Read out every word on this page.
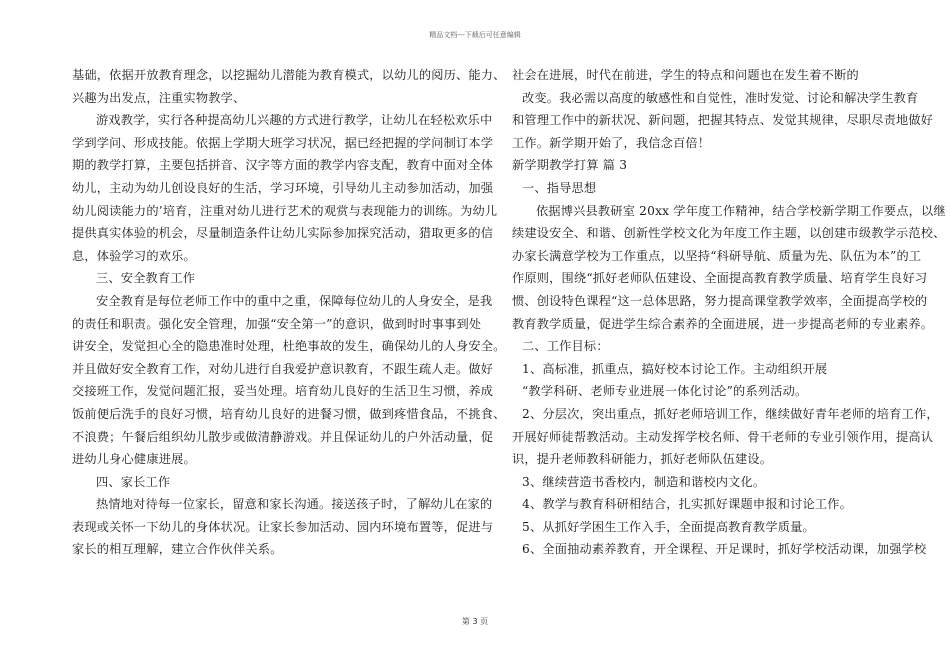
精品文档---下载后可任意编辑
基础，依据开放教育理念，以挖掘幼儿潜能为教育模式，以幼儿的阅历、能力、
兴趣为出发点，注重实物教学、
游戏教学，实行各种提高幼儿兴趣的方式进行教学，让幼儿在轻松欢乐中
学到学问、形成技能。依据上学期大班学习状况，据已经把握的学问制订本学
期的教学打算，主要包括拼音、汉字等方面的教学内容支配，教育中面对全体
幼儿，主动为幼儿创设良好的生活，学习环境，引导幼儿主动参加活动，加强
幼儿阅读能力的’培育，注重对幼儿进行艺术的观赏与表现能力的训练。为幼儿
提供真实体验的机会，尽量制造条件让幼儿实际参加探究活动，猎取更多的信
息，体验学习的欢乐。
三、安全教育工作
安全教育是每位老师工作中的重中之重，保障每位幼儿的人身安全，是我
的责任和职责。强化安全管理，加强“安全第一”的意识，做到时时事事到处
讲安全，发觉担心全的隐患准时处理，杜绝事故的发生，确保幼儿的人身安全。
并且做好安全教育工作，对幼儿进行自我爱护意识教育，不跟生疏人走。做好
交接班工作，发觉问题汇报，妥当处理。培育幼儿良好的生活卫生习惯，养成
饭前便后洗手的良好习惯，培育幼儿良好的进餐习惯，做到疼惜食品，不挑食、
不浪费；午餐后组织幼儿散步或做清静游戏。并且保证幼儿的户外活动量，促
进幼儿身心健康进展。
四、家长工作
热情地对待每一位家长，留意和家长沟通。接送孩子时，了解幼儿在家的
表现或关怀一下幼儿的身体状况。让家长参加活动、园内环境布置等，促进与
家长的相互理解，建立合作伙伴关系。
社会在进展，时代在前进，学生的特点和问题也在发生着不断的
改变。我必需以高度的敏感性和自觉性，准时发觉、讨论和解决学生教育
和管理工作中的新状况、新问题，把握其特点、发觉其规律，尽职尽责地做好
工作。新学期开始了，我信念百倍！
新学期教学打算 篇 3
一、指导思想
依据博兴县教研室 20xx 学年度工作精神，结合学校新学期工作要点，以继
续建设安全、和谐、创新性学校文化为年度工作主题，以创建市级教学示范校、
办家长满意学校为工作重点，以坚持“科研导航、质量为先、队伍为本”的工
作原则，围绕“抓好老师队伍建设、全面提高教育教学质量、培育学生良好习
惯、创设特色课程“这一总体思路，努力提高课堂教学效率，全面提高学校的
教育教学质量，促进学生综合素养的全面进展，进一步提高老师的专业素养。
二、工作目标：
1、高标准，抓重点，搞好校本讨论工作。主动组织开展
“教学科研、老师专业进展一体化讨论”的系列活动。
2、分层次，突出重点，抓好老师培训工作，继续做好青年老师的培育工作，
开展好师徒帮教活动。主动发挥学校名师、骨干老师的专业引领作用，提高认
识，提升老师教科研能力，抓好老师队伍建设。
3、继续营造书香校内，制造和谐校内文化。
4、教学与教育科研相结合，扎实抓好课题申报和讨论工作。
5、从抓好学困生工作入手，全面提高教育教学质量。
6、全面抽动素养教育，开全课程、开足课时，抓好学校活动课，加强学校
第 3 页
